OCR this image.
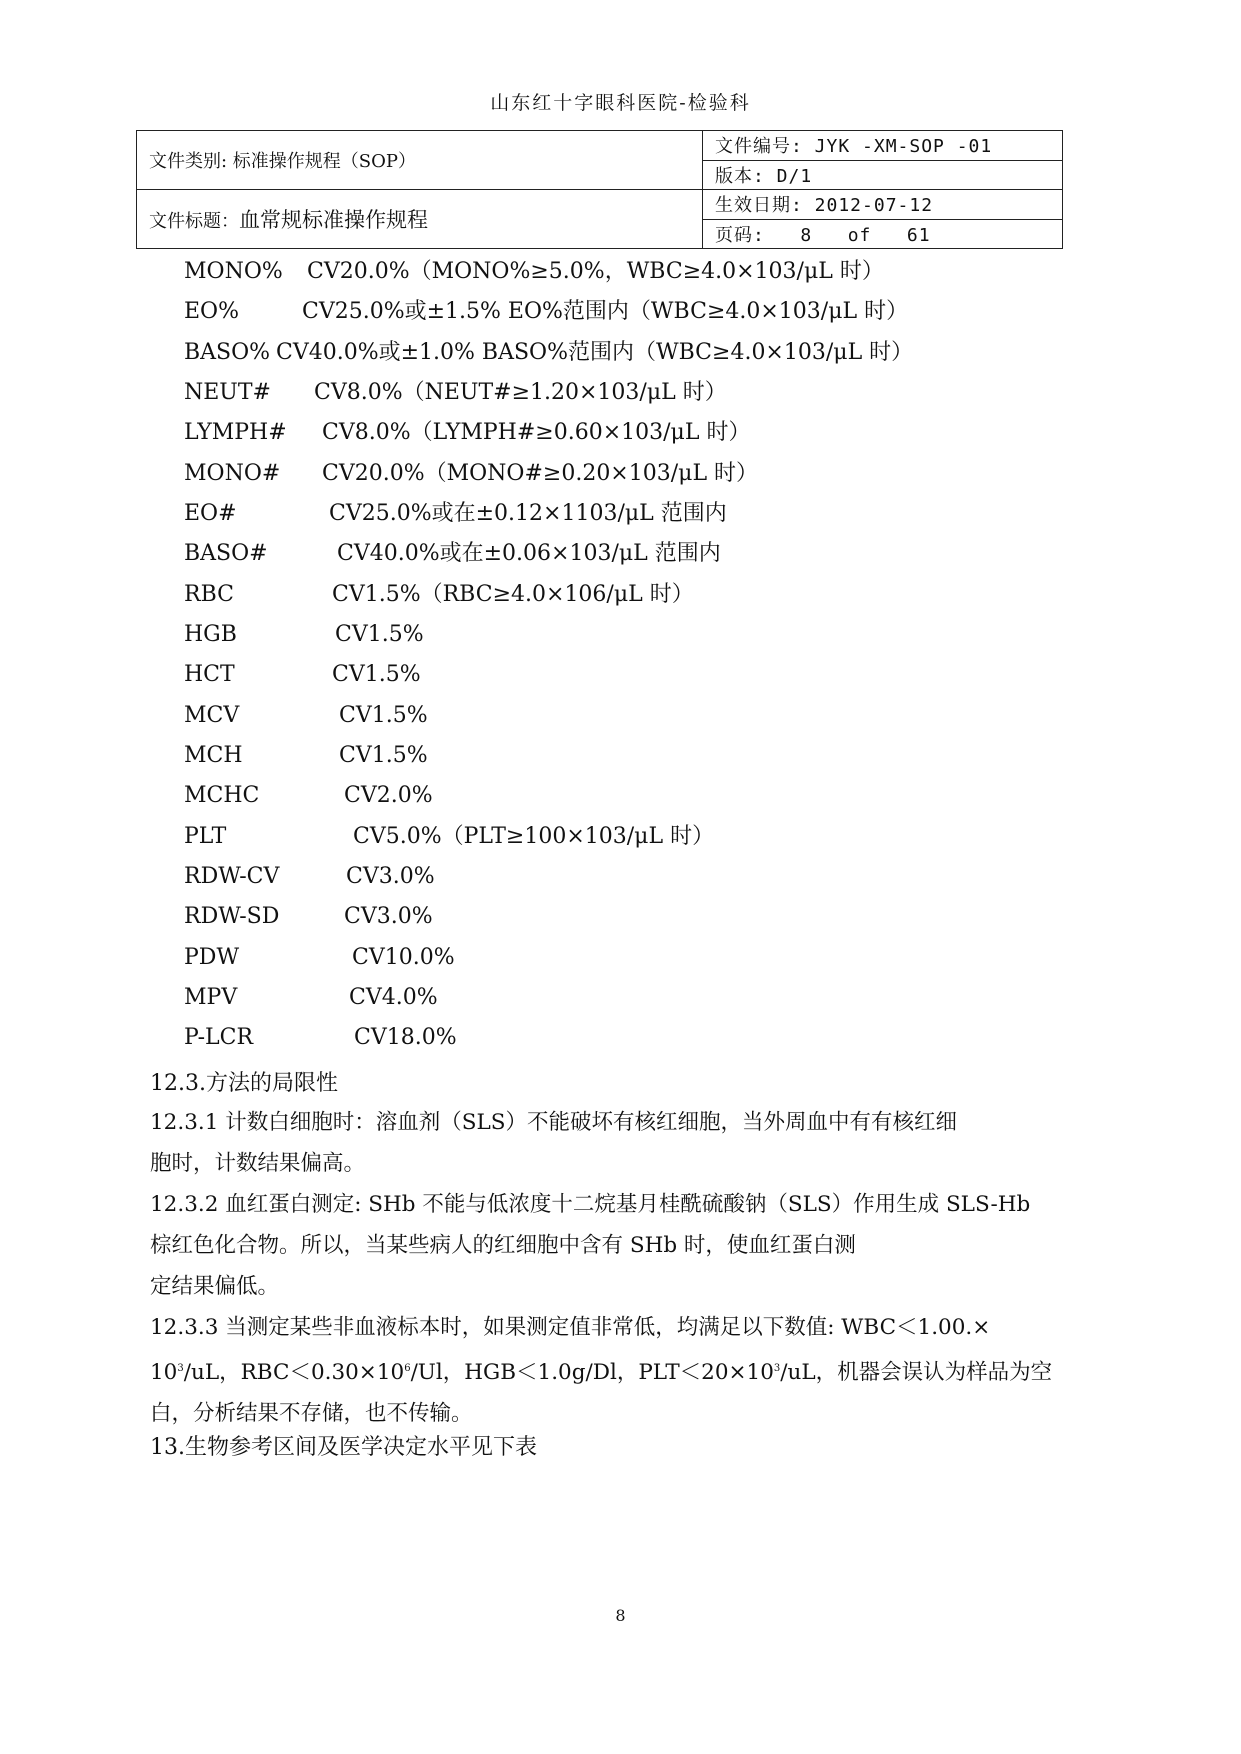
山东红十字眼科医院-检验科
文件类别: 标准操作规程（SOP）	文件编号: JYK -XM-SOP -01
	版本: D/1
文件标题：血常规标准操作规程	生效日期: 2012-07-12
	页码: 8 of 61
MONO% CV20.0%（MONO%≥5.0%，WBC≥4.0×103/μL 时）
EO%	CV25.0%或±1.5% EO%范围内（WBC≥4.0×103/μL 时）
BASO% CV40.0%或±1.0% BASO%范围内（WBC≥4.0×103/μL 时）
NEUT# CV8.0%（NEUT#≥1.20×103/μL 时）
LYMPH# CV8.0%（LYMPH#≥0.60×103/μL 时）
MONO# CV20.0%（MONO#≥0.20×103/μL 时）
EO#	CV25.0%或在±0.12×1103/μL 范围内
BASO#	CV40.0%或在±0.06×103/μL 范围内
RBC	CV1.5%（RBC≥4.0×106/μL 时）
HGB	CV1.5%
HCT	CV1.5%
MCV	CV1.5%
MCH	CV1.5%
MCHC	CV2.0%
PLT	CV5.0%（PLT≥100×103/μL 时）
RDW-CV	CV3.0%
RDW-SD	CV3.0%
PDW	CV10.0%
MPV	CV4.0%
P-LCR	CV18.0%
12.3.方法的局限性

12.3.1 计数白细胞时：溶血剂（SLS）不能破坏有核红细胞，当外周血中有有核红细

胞时，计数结果偏高。

12.3.2 血红蛋白测定: SHb 不能与低浓度十二烷基月桂酰硫酸钠（SLS）作用生成 SLS-Hb

棕红色化合物。所以，当某些病人的红细胞中含有 SHb 时，使血红蛋白测

定结果偏低。

12.3.3 当测定某些非血液标本时，如果测定值非常低，均满足以下数值: WBC＜1.00.×

$10^3/uL$，$RBC<0.30\times 10^6/Ul$，HGB＜1.0g/Dl，$PLT<20\times 10^3/uL$，机器会误认为样品为空

白，分析结果不存储，也不传输。

13.生物参考区间及医学决定水平见下表
8
